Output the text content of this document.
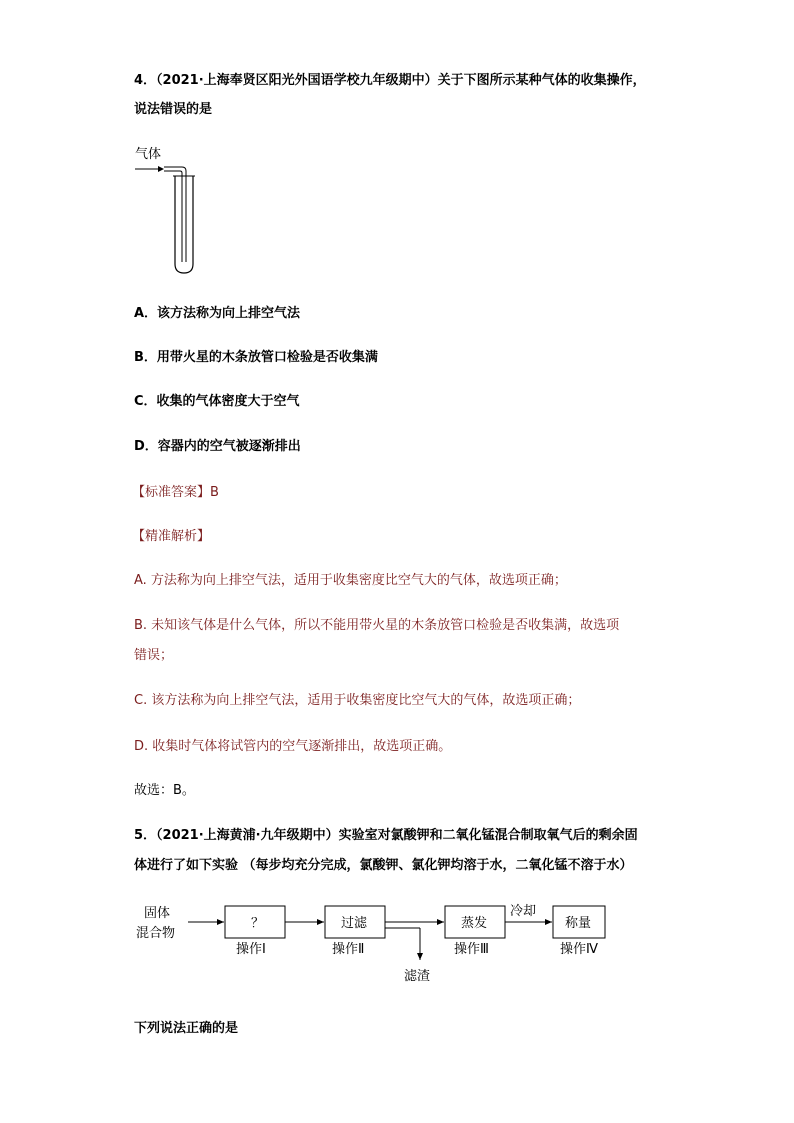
4．（2021·上海奉贤区阳光外国语学校九年级期中）关于下图所示某种气体的收集操作，
说法错误的是
气体
A．该方法称为向上排空气法
B．用带火星的木条放管口检验是否收集满
C．收集的气体密度大于空气
D．容器内的空气被逐渐排出
【标准答案】B
【精准解析】
A. 方法称为向上排空气法，适用于收集密度比空气大的气体，故选项正确；
B. 未知该气体是什么气体，所以不能用带火星的木条放管口检验是否收集满，故选项
错误；
C. 该方法称为向上排空气法，适用于收集密度比空气大的气体，故选项正确；
D. 收集时气体将试管内的空气逐渐排出，故选项正确。
故选：B。
5．（2021·上海黄浦·九年级期中）实验室对氯酸钾和二氧化锰混合制取氧气后的剩余固
体进行了如下实验 （每步均充分完成，氯酸钾、氯化钾均溶于水，二氧化锰不溶于水）
固体
混合物
？
操作Ⅰ
过滤
操作Ⅱ
滤渣
蒸发
操作Ⅲ
冷却
称量
操作Ⅳ
下列说法正确的是
